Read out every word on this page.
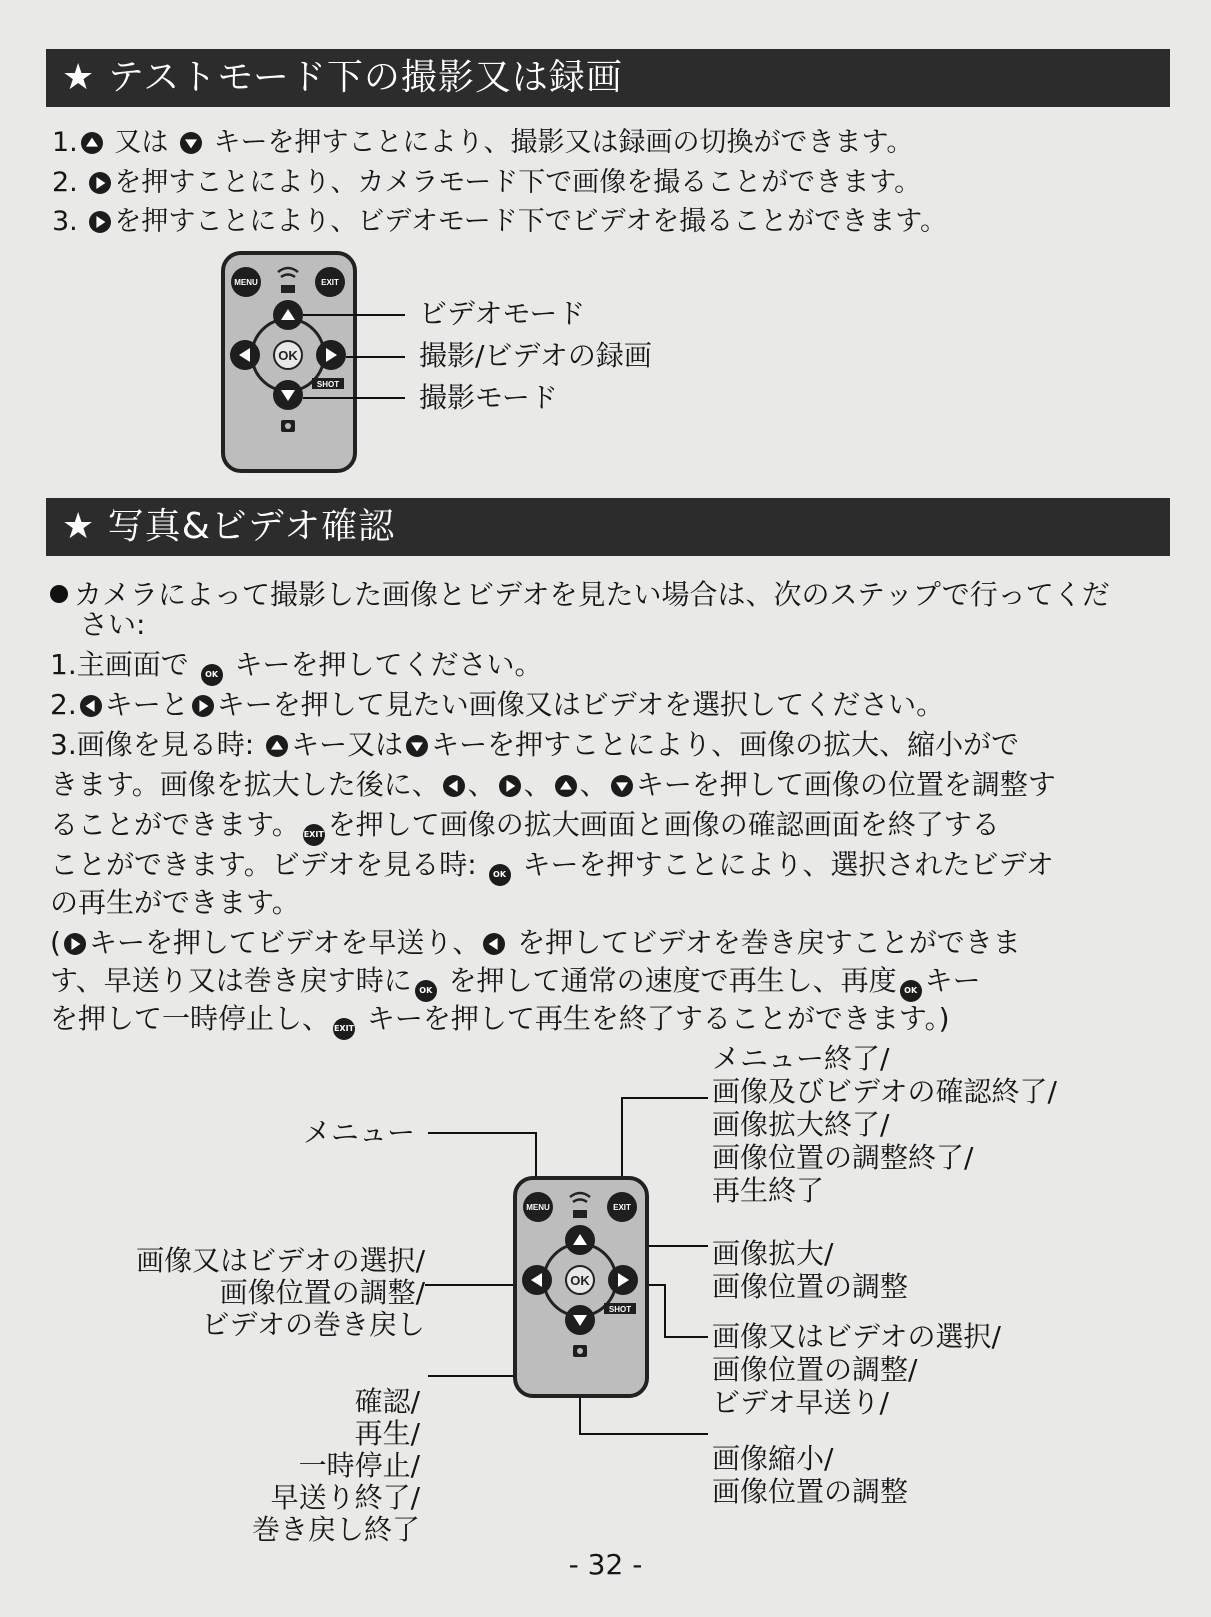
★ テストモード下の撮影又は録画
1. 又は  キーを押すことにより、撮影又は録画の切換ができます。
2. を押すことにより、カメラモード下で画像を撮ることができます。
3. を押すことにより、ビデオモード下でビデオを撮ることができます。
MENU	EXIT
OK
SHOT
ビデオモード
撮影/ビデオの録画
撮影モード
★ 写真&ビデオ確認
カメラによって撮影した画像とビデオを見たい場合は、次のステップで行ってくだ
さい:
1.主画面で OK キーを押してください。
2. キーと キーを押して見たい画像又はビデオを選択してください。
3.画像を見る時: キー又は キーを押すことにより、画像の拡大、縮小がで
きます。画像を拡大した後に、 、 、 、 キーを押して画像の位置を調整す
ることができます。 EXIT を押して画像の拡大画面と画像の確認画面を終了する
ことができます。ビデオを見る時: OK キーを押すことにより、選択されたビデオ
の再生ができます。
( キーを押してビデオを早送り、 を押してビデオを巻き戻すことができま
す、早送り又は巻き戻す時に OK を押して通常の速度で再生し、再度 OK キー
を押して一時停止し、 EXIT キーを押して再生を終了することができます。)
MENU	EXIT
OK
SHOT
メニュー
メニュー終了/
画像及びビデオの確認終了/
画像拡大終了/
画像位置の調整終了/
再生終了
画像又はビデオの選択/
画像位置の調整/
ビデオの巻き戻し
画像拡大/
画像位置の調整
画像又はビデオの選択/
画像位置の調整/
ビデオ早送り/
確認/
再生/
一時停止/
早送り終了/
巻き戻し終了
画像縮小/
画像位置の調整
- 32 -
